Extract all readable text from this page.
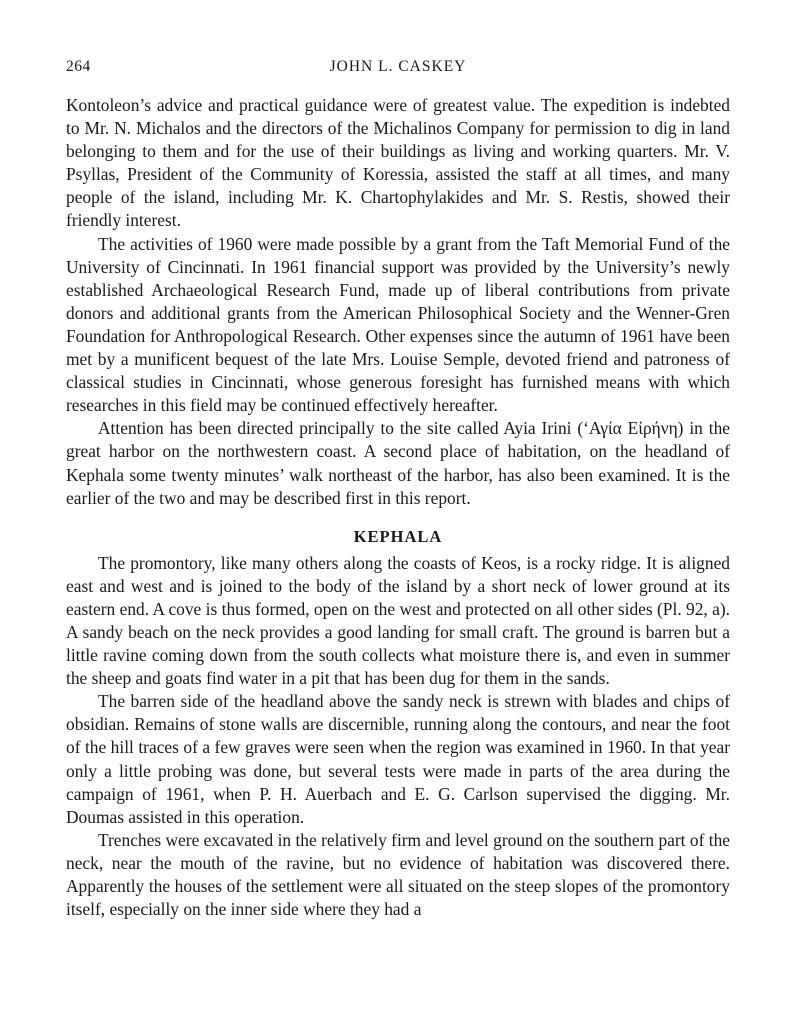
264	JOHN L. CASKEY

Kontoleon’s advice and practical guidance were of greatest value. The expedition is indebted to Mr. N. Michalos and the directors of the Michalinos Company for permission to dig in land belonging to them and for the use of their buildings as living and working quarters. Mr. V. Psyllas, President of the Community of Koressia, assisted the staff at all times, and many people of the island, including Mr. K. Chartophylakides and Mr. S. Restis, showed their friendly interest.

The activities of 1960 were made possible by a grant from the Taft Memorial Fund of the University of Cincinnati. In 1961 financial support was provided by the University’s newly established Archaeological Research Fund, made up of liberal contributions from private donors and additional grants from the American Philosophical Society and the Wenner-Gren Foundation for Anthropological Research. Other expenses since the autumn of 1961 have been met by a munificent bequest of the late Mrs. Louise Semple, devoted friend and patroness of classical studies in Cincinnati, whose generous foresight has furnished means with which researches in this field may be continued effectively hereafter.

Attention has been directed principally to the site called Ayia Irini (‘Αγία Εἰρήνη) in the great harbor on the northwestern coast. A second place of habitation, on the headland of Kephala some twenty minutes’ walk northeast of the harbor, has also been examined. It is the earlier of the two and may be described first in this report.

KEPHALA

The promontory, like many others along the coasts of Keos, is a rocky ridge. It is aligned east and west and is joined to the body of the island by a short neck of lower ground at its eastern end. A cove is thus formed, open on the west and protected on all other sides (Pl. 92, a). A sandy beach on the neck provides a good landing for small craft. The ground is barren but a little ravine coming down from the south collects what moisture there is, and even in summer the sheep and goats find water in a pit that has been dug for them in the sands.

The barren side of the headland above the sandy neck is strewn with blades and chips of obsidian. Remains of stone walls are discernible, running along the contours, and near the foot of the hill traces of a few graves were seen when the region was examined in 1960. In that year only a little probing was done, but several tests were made in parts of the area during the campaign of 1961, when P. H. Auerbach and E. G. Carlson supervised the digging. Mr. Doumas assisted in this operation.

Trenches were excavated in the relatively firm and level ground on the southern part of the neck, near the mouth of the ravine, but no evidence of habitation was discovered there. Apparently the houses of the settlement were all situated on the steep slopes of the promontory itself, especially on the inner side where they had a
